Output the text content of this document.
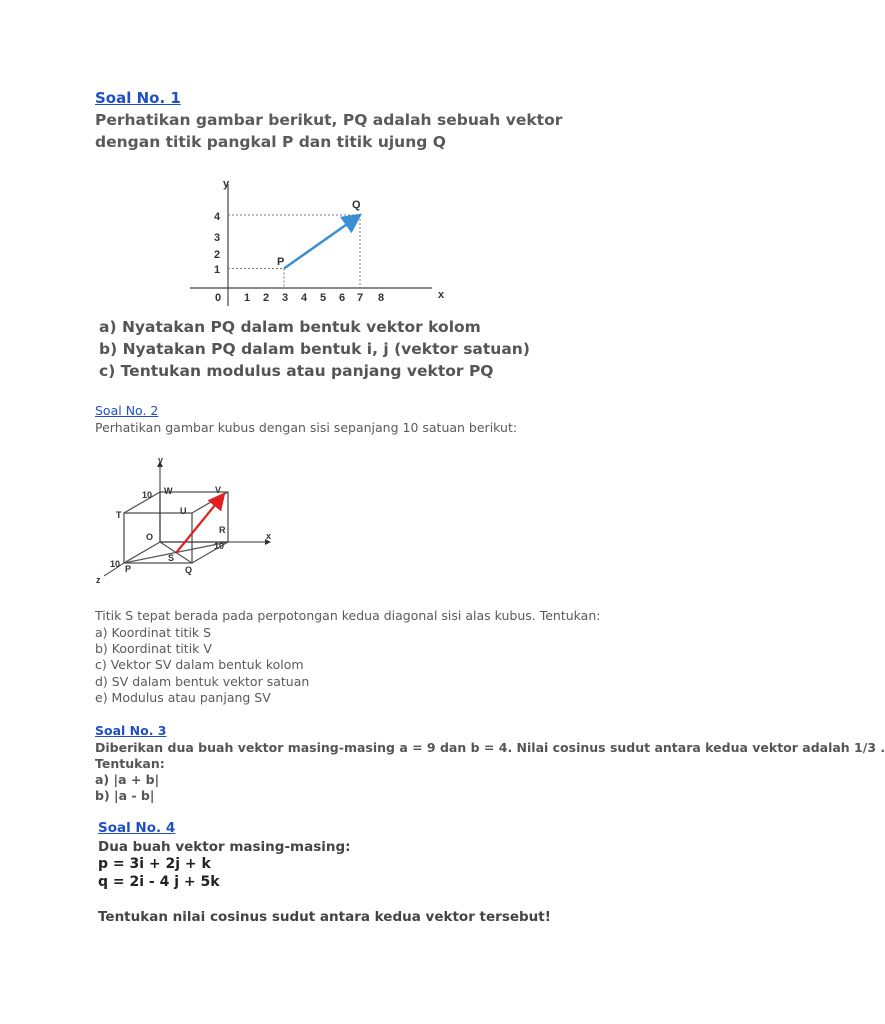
Soal No. 1
Perhatikan gambar berikut, PQ adalah sebuah vektor
dengan titik pangkal P dan titik ujung Q
y
x
0 1 2 3 4 5 6 7 8
1
2
3
4
P
Q
a) Nyatakan PQ dalam bentuk vektor kolom
b) Nyatakan PQ dalam bentuk i, j (vektor satuan)
c) Tentukan modulus atau panjang vektor PQ
Soal No. 2
Perhatikan gambar kubus dengan sisi sepanjang 10 satuan berikut:
y
x
z
T
W	V
U
R
O
S
P	Q
10
10
10
Titik S tepat berada pada perpotongan kedua diagonal sisi alas kubus. Tentukan:
a) Koordinat titik S
b) Koordinat titik V
c) Vektor SV dalam bentuk kolom
d) SV dalam bentuk vektor satuan
e) Modulus atau panjang SV
Soal No. 3
Diberikan dua buah vektor masing-masing a = 9 dan b = 4. Nilai cosinus sudut antara kedua vektor adalah 1/3 .
Tentukan:
a) |a + b|
b) |a - b|
Soal No. 4
Dua buah vektor masing-masing:
p = 3i + 2j + k
q = 2i - 4 j + 5k
Tentukan nilai cosinus sudut antara kedua vektor tersebut!
